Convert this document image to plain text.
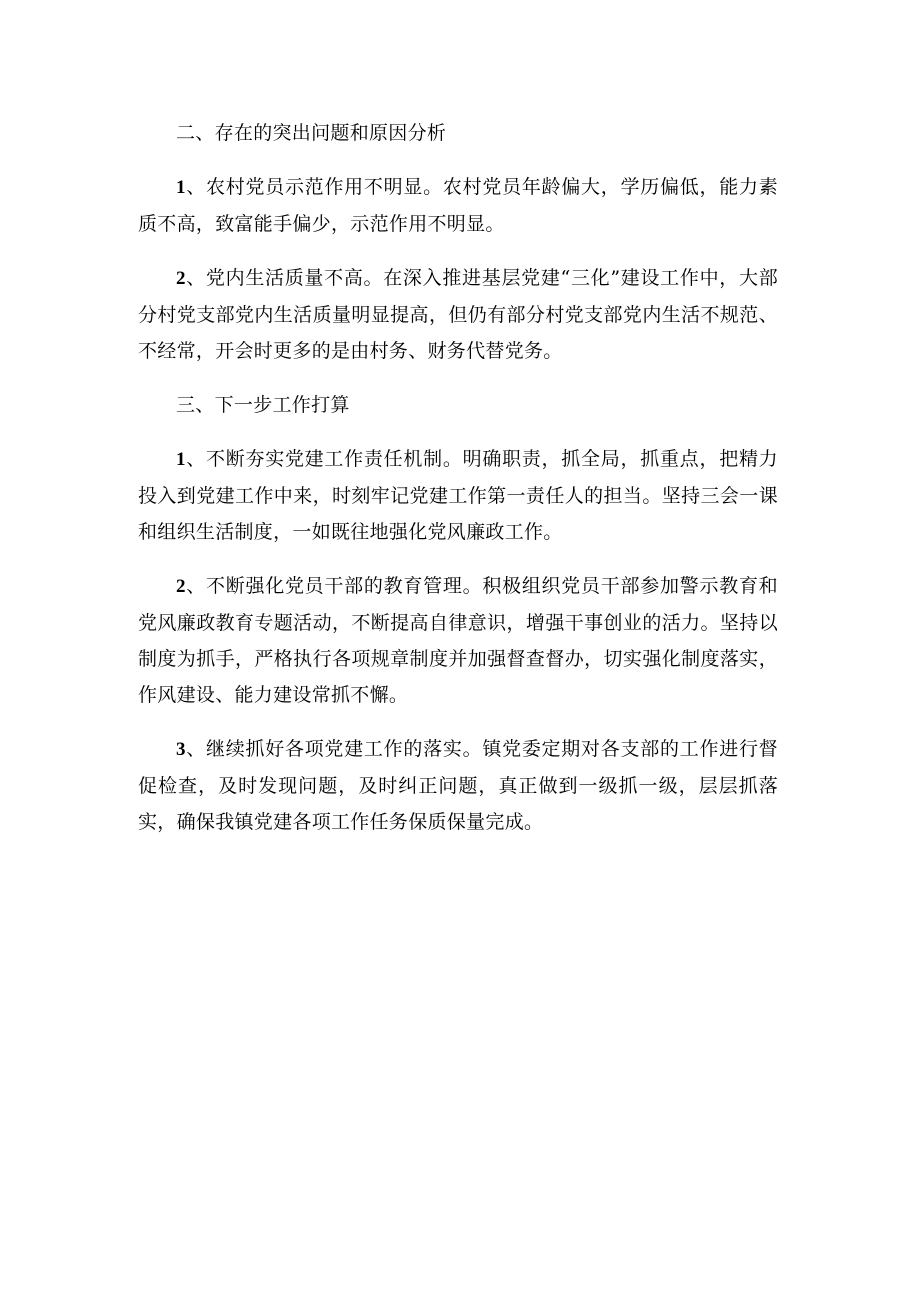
二、存在的突出问题和原因分析

1、农村党员示范作用不明显。农村党员年龄偏大，学历偏低，能力素质不高，致富能手偏少，示范作用不明显。

2、党内生活质量不高。在深入推进基层党建“三化”建设工作中，大部分村党支部党内生活质量明显提高，但仍有部分村党支部党内生活不规范、不经常，开会时更多的是由村务、财务代替党务。

三、下一步工作打算

1、不断夯实党建工作责任机制。明确职责，抓全局，抓重点，把精力投入到党建工作中来，时刻牢记党建工作第一责任人的担当。坚持三会一课和组织生活制度，一如既往地强化党风廉政工作。

2、不断强化党员干部的教育管理。积极组织党员干部参加警示教育和党风廉政教育专题活动，不断提高自律意识，增强干事创业的活力。坚持以制度为抓手，严格执行各项规章制度并加强督查督办，切实强化制度落实，作风建设、能力建设常抓不懈。

3、继续抓好各项党建工作的落实。镇党委定期对各支部的工作进行督促检查，及时发现问题，及时纠正问题，真正做到一级抓一级，层层抓落实，确保我镇党建各项工作任务保质保量完成。
